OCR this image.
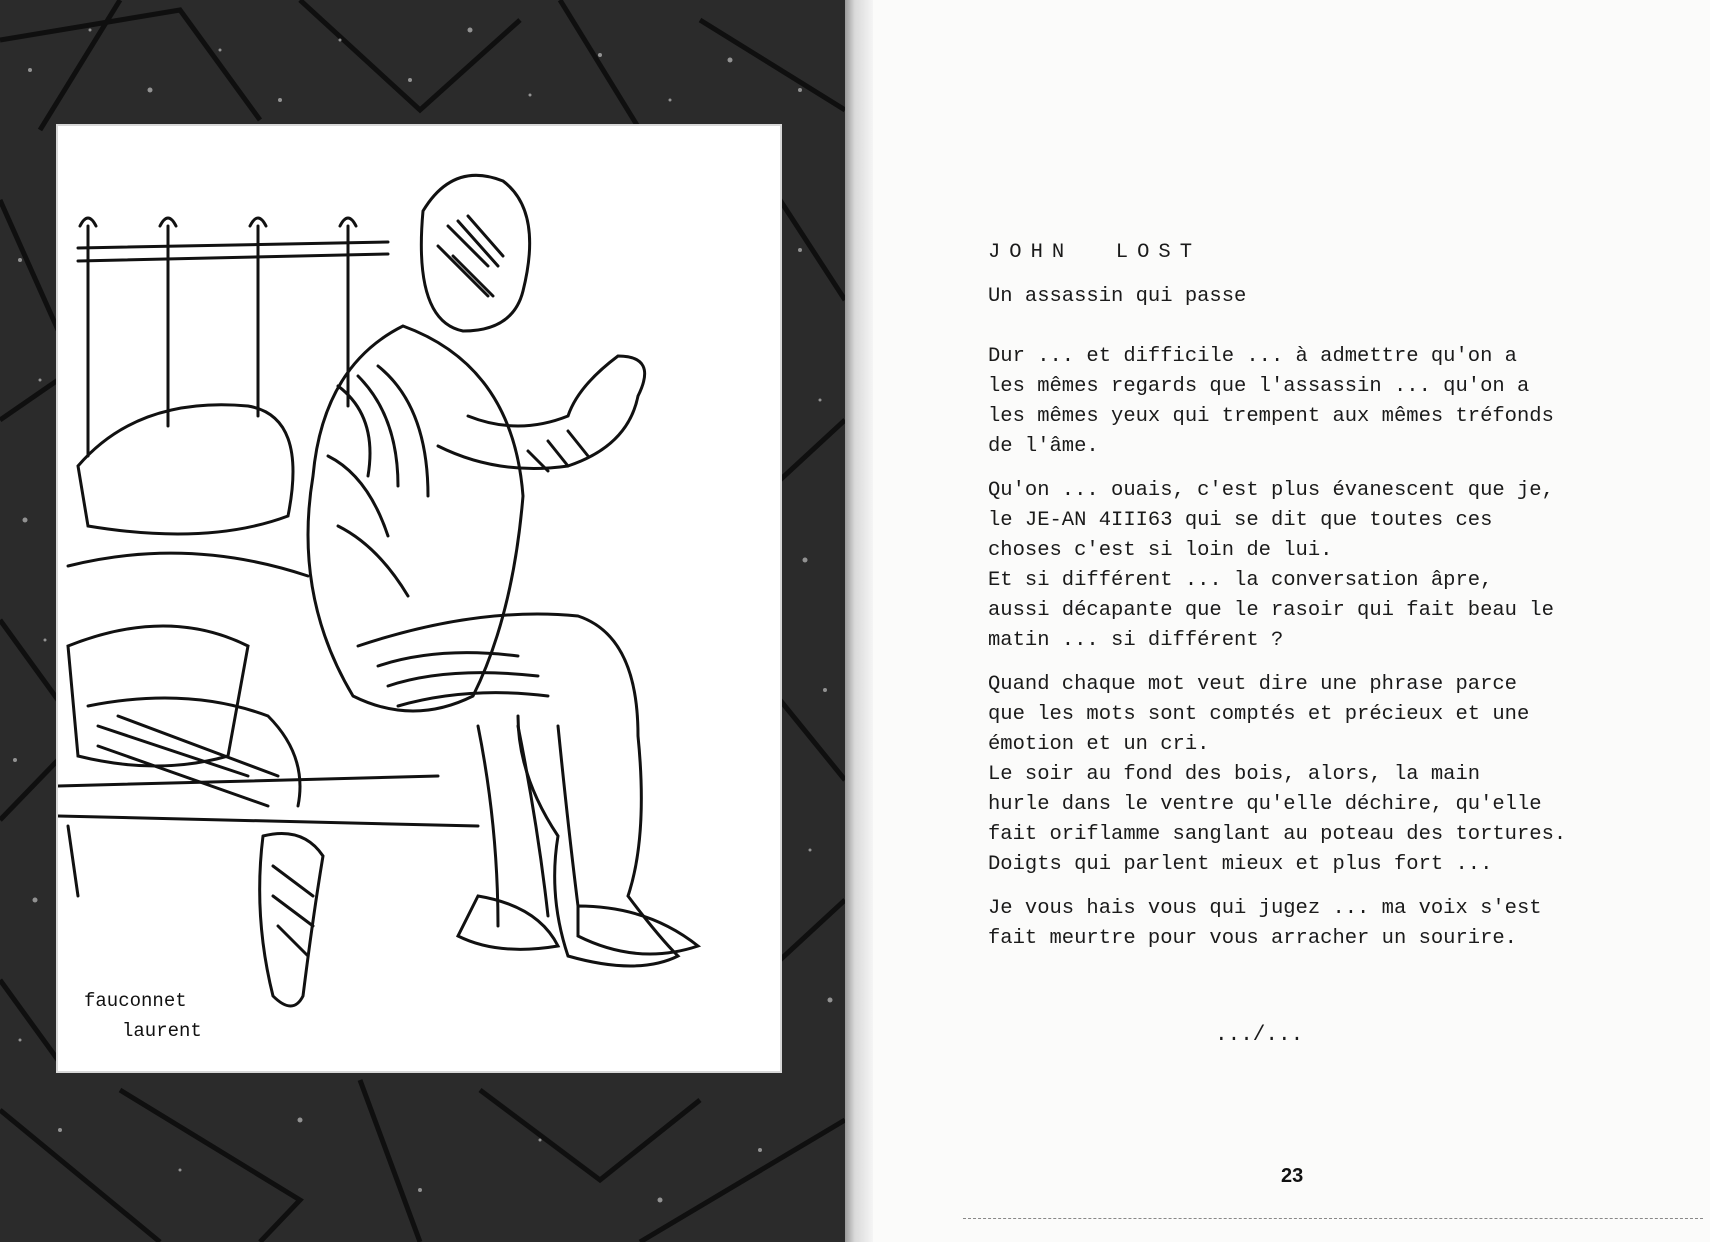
fauconnet
laurent
JOHN  LOST
Un assassin qui passe
Dur ... et difficile ... à admettre qu'on a
les mêmes regards que l'assassin ... qu'on a
les mêmes yeux qui trempent aux mêmes tréfonds
de l'âme.
Qu'on ... ouais, c'est plus évanescent que je,
le JE-AN 4III63 qui se dit que toutes ces
choses c'est si loin de lui.
Et si différent ... la conversation âpre,
aussi décapante que le rasoir qui fait beau le
matin ... si différent ?
Quand chaque mot veut dire une phrase parce
que les mots sont comptés et précieux et une
émotion et un cri.
Le soir au fond des bois, alors, la main
hurle dans le ventre qu'elle déchire, qu'elle
fait oriflamme sanglant au poteau des tortures.
Doigts qui parlent mieux et plus fort ...
Je vous hais vous qui jugez ... ma voix s'est
fait meurtre pour vous arracher un sourire.
.../...
23
